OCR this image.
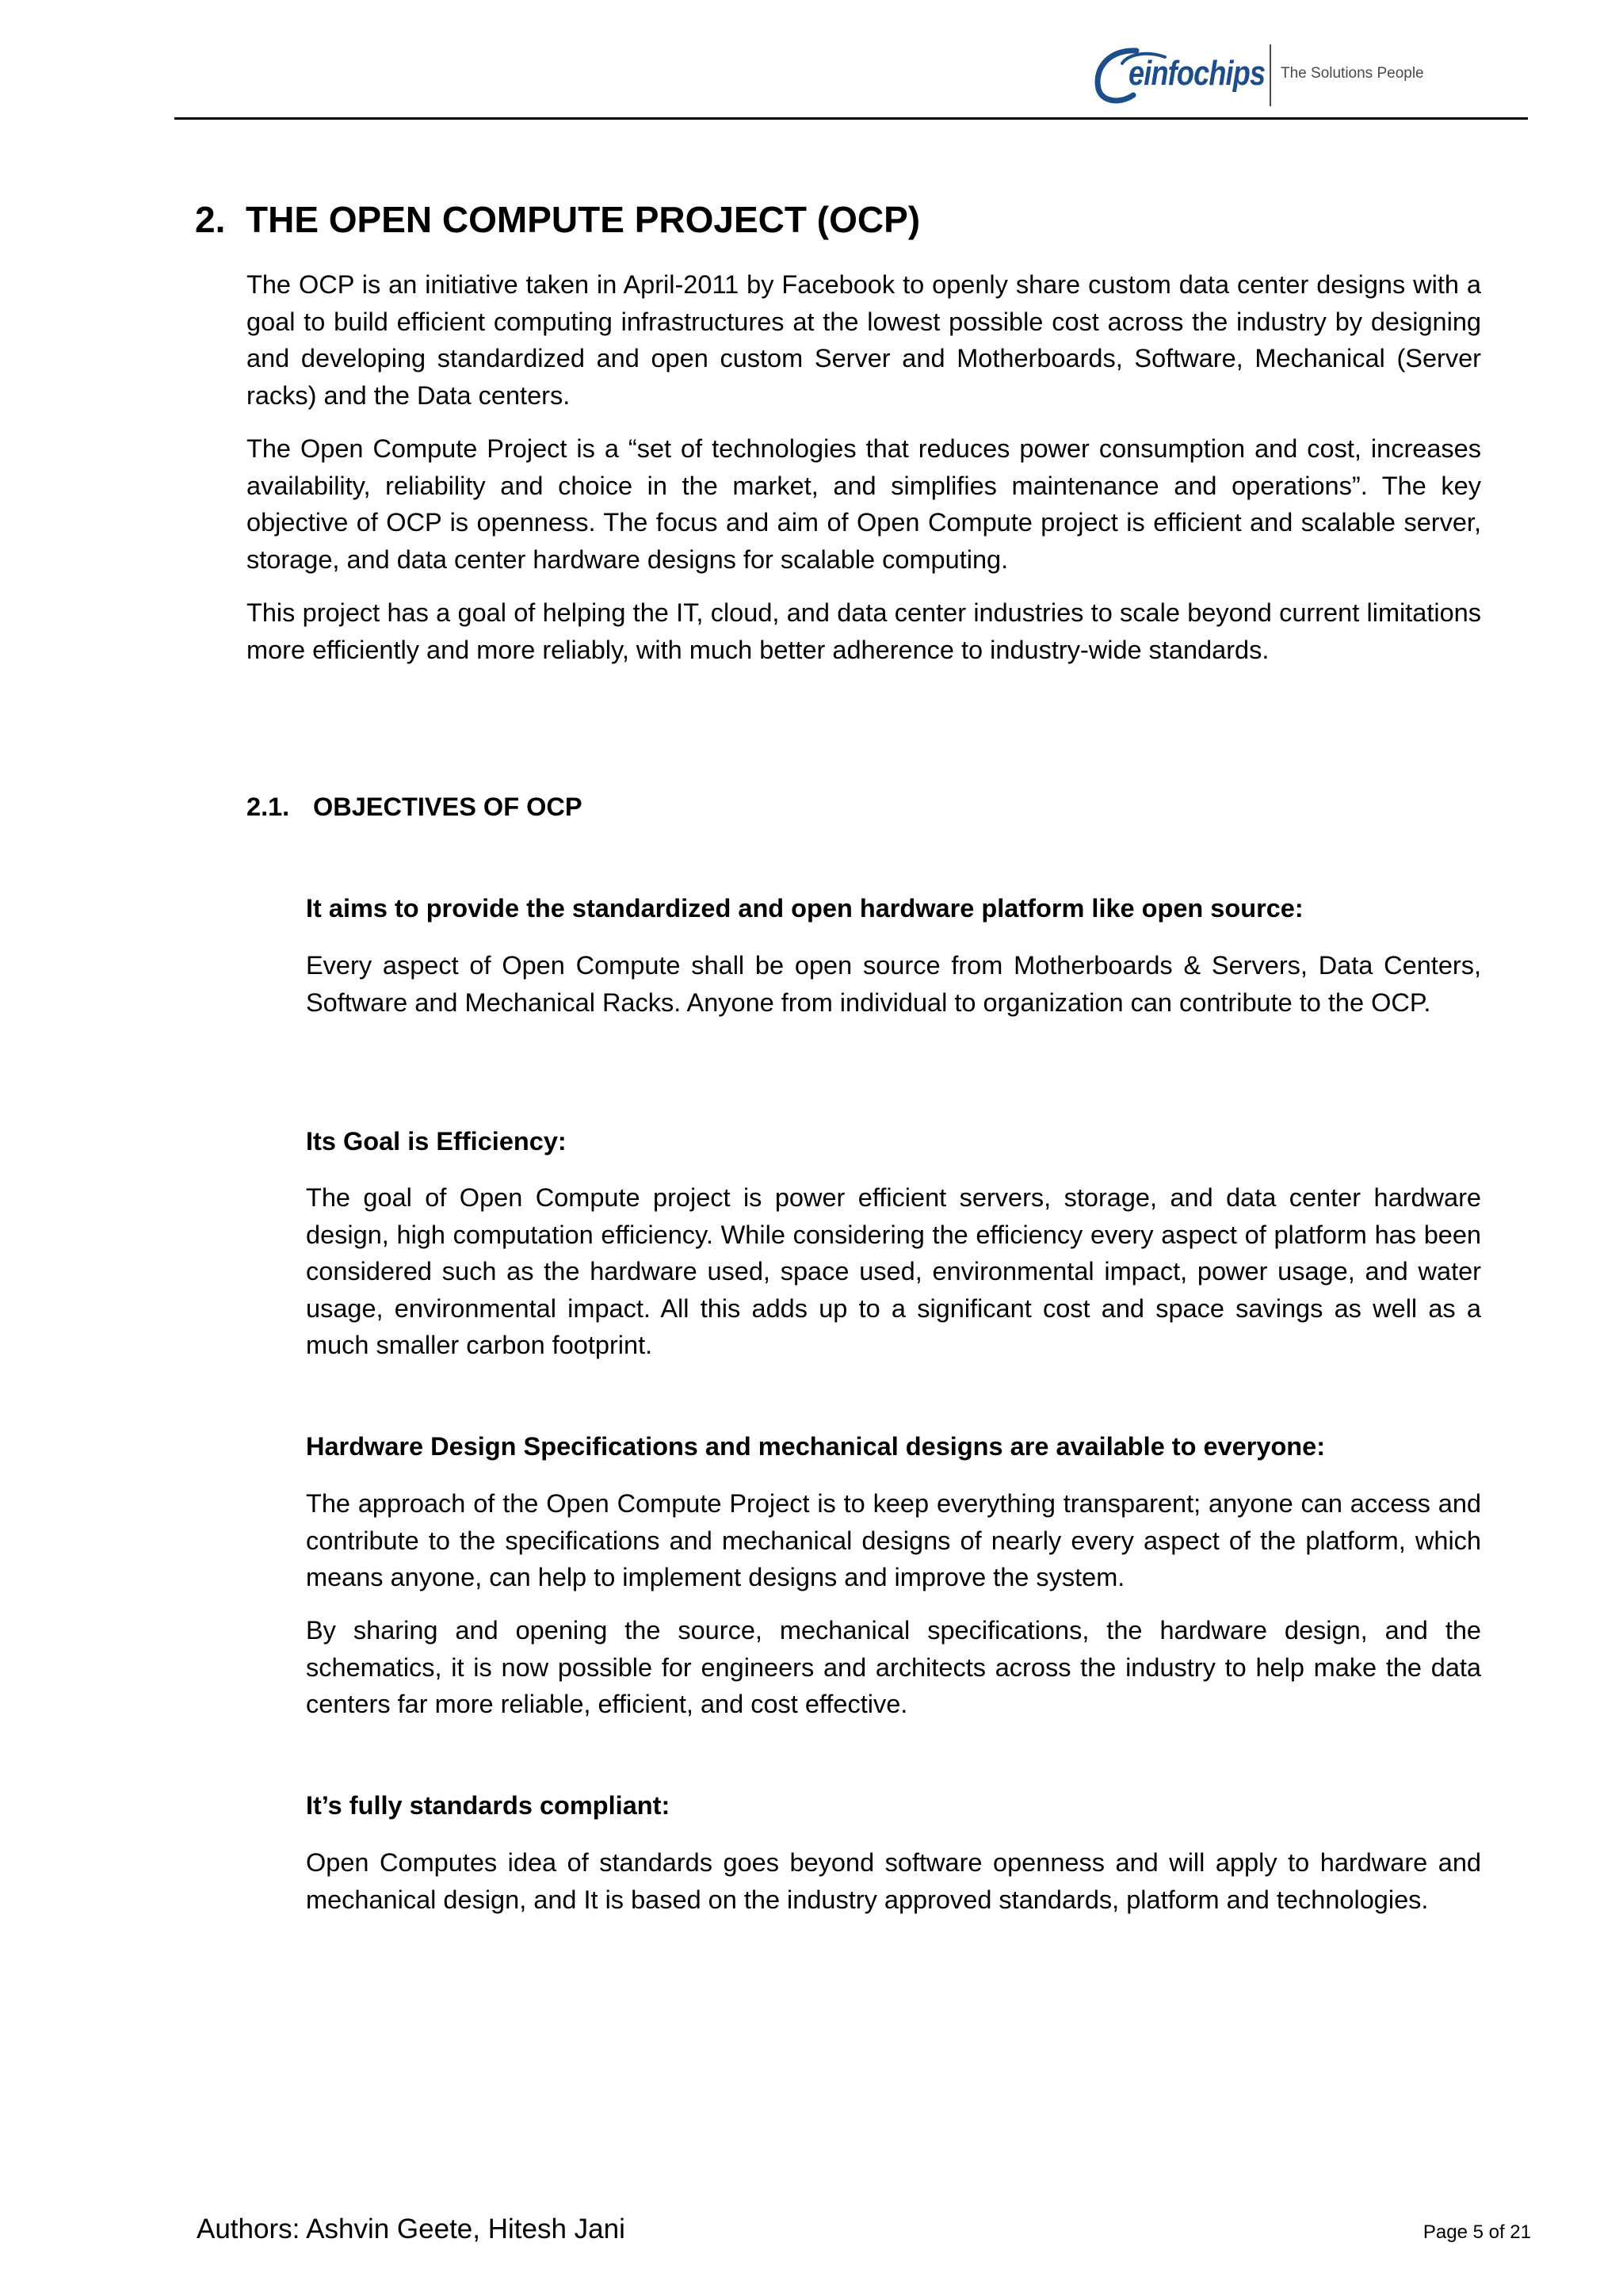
einfochips The Solutions People
2. THE OPEN COMPUTE PROJECT (OCP)
The OCP is an initiative taken in April-2011 by Facebook to openly share custom data center designs with a goal to build efficient computing infrastructures at the lowest possible cost across the industry by designing and developing standardized and open custom Server and Motherboards, Software, Mechanical (Server racks) and the Data centers.
The Open Compute Project is a “set of technologies that reduces power consumption and cost, increases availability, reliability and choice in the market, and simplifies maintenance and operations”. The key objective of OCP is openness. The focus and aim of Open Compute project is efficient and scalable server, storage, and data center hardware designs for scalable computing.
This project has a goal of helping the IT, cloud, and data center industries to scale beyond current limitations more efficiently and more reliably, with much better adherence to industry-wide standards.
2.1. OBJECTIVES OF OCP
It aims to provide the standardized and open hardware platform like open source:
Every aspect of Open Compute shall be open source from Motherboards & Servers, Data Centers, Software and Mechanical Racks. Anyone from individual to organization can contribute to the OCP.
Its Goal is Efficiency:
The goal of Open Compute project is power efficient servers, storage, and data center hardware design, high computation efficiency. While considering the efficiency every aspect of platform has been considered such as the hardware used, space used, environmental impact, power usage, and water usage, environmental impact. All this adds up to a significant cost and space savings as well as a much smaller carbon footprint.
Hardware Design Specifications and mechanical designs are available to everyone:
The approach of the Open Compute Project is to keep everything transparent; anyone can access and contribute to the specifications and mechanical designs of nearly every aspect of the platform, which means anyone, can help to implement designs and improve the system.
By sharing and opening the source, mechanical specifications, the hardware design, and the schematics, it is now possible for engineers and architects across the industry to help make the data centers far more reliable, efficient, and cost effective.
It’s fully standards compliant:
Open Computes idea of standards goes beyond software openness and will apply to hardware and mechanical design, and It is based on the industry approved standards, platform and technologies.
Authors: Ashvin Geete, Hitesh Jani	Page 5 of 21
